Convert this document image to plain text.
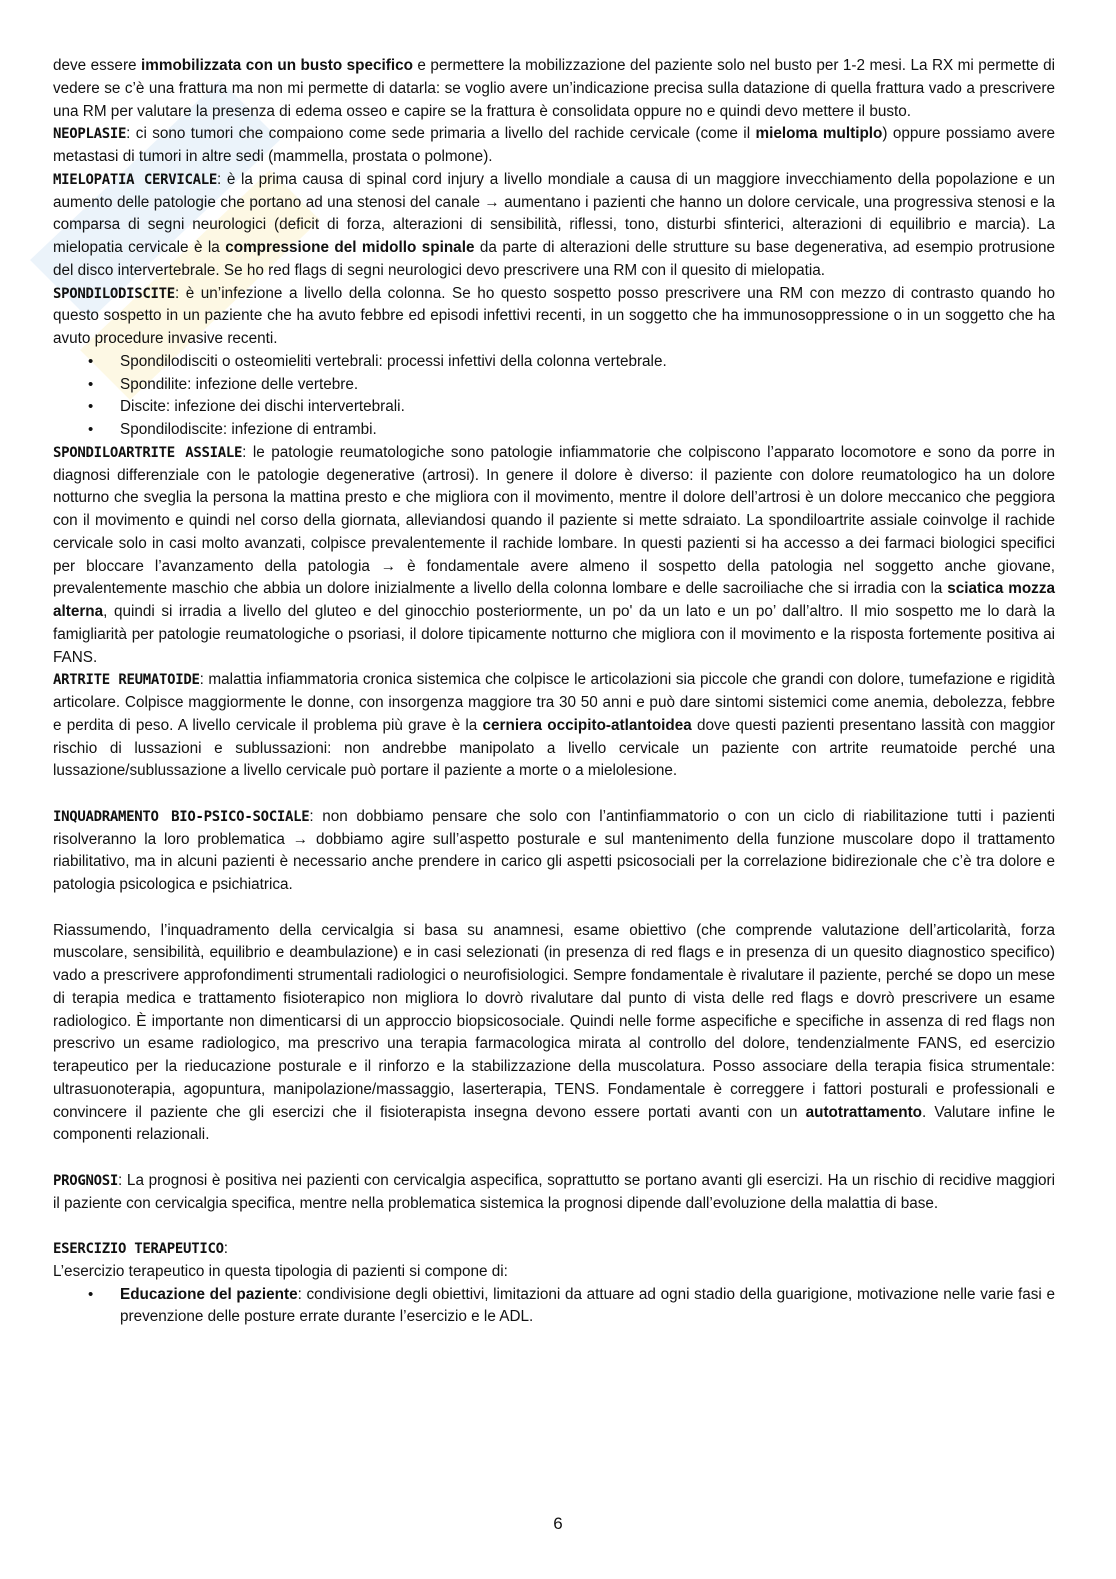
deve essere immobilizzata con un busto specifico e permettere la mobilizzazione del paziente solo nel busto per 1-2 mesi. La RX mi permette di vedere se c’è una frattura ma non mi permette di datarla: se voglio avere un’indicazione precisa sulla datazione di quella frattura vado a prescrivere una RM per valutare la presenza di edema osseo e capire se la frattura è consolidata oppure no e quindi devo mettere il busto.

NEOPLASIE: ci sono tumori che compaiono come sede primaria a livello del rachide cervicale (come il mieloma multiplo) oppure possiamo avere metastasi di tumori in altre sedi (mammella, prostata o polmone).

MIELOPATIA CERVICALE: è la prima causa di spinal cord injury a livello mondiale a causa di un maggiore invecchiamento della popolazione e un aumento delle patologie che portano ad una stenosi del canale → aumentano i pazienti che hanno un dolore cervicale, una progressiva stenosi e la comparsa di segni neurologici (deficit di forza, alterazioni di sensibilità, riflessi, tono, disturbi sfinterici, alterazioni di equilibrio e marcia). La mielopatia cervicale è la compressione del midollo spinale da parte di alterazioni delle strutture su base degenerativa, ad esempio protrusione del disco intervertebrale. Se ho red flags di segni neurologici devo prescrivere una RM con il quesito di mielopatia.

SPONDILODISCITE: è un’infezione a livello della colonna. Se ho questo sospetto posso prescrivere una RM con mezzo di contrasto quando ho questo sospetto in un paziente che ha avuto febbre ed episodi infettivi recenti, in un soggetto che ha immunosoppressione o in un soggetto che ha avuto procedure invasive recenti.

• Spondilodisciti o osteomieliti vertebrali: processi infettivi della colonna vertebrale.
• Spondilite: infezione delle vertebre.
• Discite: infezione dei dischi intervertebrali.
• Spondilodiscite: infezione di entrambi.

SPONDILOARTRITE ASSIALE: le patologie reumatologiche sono patologie infiammatorie che colpiscono l’apparato locomotore e sono da porre in diagnosi differenziale con le patologie degenerative (artrosi). In genere il dolore è diverso: il paziente con dolore reumatologico ha un dolore notturno che sveglia la persona la mattina presto e che migliora con il movimento, mentre il dolore dell’artrosi è un dolore meccanico che peggiora con il movimento e quindi nel corso della giornata, alleviandosi quando il paziente si mette sdraiato. La spondiloartrite assiale coinvolge il rachide cervicale solo in casi molto avanzati, colpisce prevalentemente il rachide lombare. In questi pazienti si ha accesso a dei farmaci biologici specifici per bloccare l’avanzamento della patologia → è fondamentale avere almeno il sospetto della patologia nel soggetto anche giovane, prevalentemente maschio che abbia un dolore inizialmente a livello della colonna lombare e delle sacroiliache che si irradia con la sciatica mozza alterna, quindi si irradia a livello del gluteo e del ginocchio posteriormente, un po' da un lato e un po’ dall’altro. Il mio sospetto me lo darà la famigliarità per patologie reumatologiche o psoriasi, il dolore tipicamente notturno che migliora con il movimento e la risposta fortemente positiva ai FANS.

ARTRITE REUMATOIDE: malattia infiammatoria cronica sistemica che colpisce le articolazioni sia piccole che grandi con dolore, tumefazione e rigidità articolare. Colpisce maggiormente le donne, con insorgenza maggiore tra 30 50 anni e può dare sintomi sistemici come anemia, debolezza, febbre e perdita di peso. A livello cervicale il problema più grave è la cerniera occipito-atlantoidea dove questi pazienti presentano lassità con maggior rischio di lussazioni e sublussazioni: non andrebbe manipolato a livello cervicale un paziente con artrite reumatoide perché una lussazione/sublussazione a livello cervicale può portare il paziente a morte o a mielolesione.

INQUADRAMENTO BIO-PSICO-SOCIALE: non dobbiamo pensare che solo con l’antinfiammatorio o con un ciclo di riabilitazione tutti i pazienti risolveranno la loro problematica → dobbiamo agire sull’aspetto posturale e sul mantenimento della funzione muscolare dopo il trattamento riabilitativo, ma in alcuni pazienti è necessario anche prendere in carico gli aspetti psicosociali per la correlazione bidirezionale che c’è tra dolore e patologia psicologica e psichiatrica.

Riassumendo, l’inquadramento della cervicalgia si basa su anamnesi, esame obiettivo (che comprende valutazione dell’articolarità, forza muscolare, sensibilità, equilibrio e deambulazione) e in casi selezionati (in presenza di red flags e in presenza di un quesito diagnostico specifico) vado a prescrivere approfondimenti strumentali radiologici o neurofisiologici. Sempre fondamentale è rivalutare il paziente, perché se dopo un mese di terapia medica e trattamento fisioterapico non migliora lo dovrò rivalutare dal punto di vista delle red flags e dovrò prescrivere un esame radiologico. È importante non dimenticarsi di un approccio biopsicosociale. Quindi nelle forme aspecifiche e specifiche in assenza di red flags non prescrivo un esame radiologico, ma prescrivo una terapia farmacologica mirata al controllo del dolore, tendenzialmente FANS, ed esercizio terapeutico per la rieducazione posturale e il rinforzo e la stabilizzazione della muscolatura. Posso associare della terapia fisica strumentale: ultrasuonoterapia, agopuntura, manipolazione/massaggio, laserterapia, TENS. Fondamentale è correggere i fattori posturali e professionali e convincere il paziente che gli esercizi che il fisioterapista insegna devono essere portati avanti con un autotrattamento. Valutare infine le componenti relazionali.

PROGNOSI: La prognosi è positiva nei pazienti con cervicalgia aspecifica, soprattutto se portano avanti gli esercizi. Ha un rischio di recidive maggiori il paziente con cervicalgia specifica, mentre nella problematica sistemica la prognosi dipende dall’evoluzione della malattia di base.

ESERCIZIO TERAPEUTICO:

L’esercizio terapeutico in questa tipologia di pazienti si compone di:

• Educazione del paziente: condivisione degli obiettivi, limitazioni da attuare ad ogni stadio della guarigione, motivazione nelle varie fasi e prevenzione delle posture errate durante l’esercizio e le ADL.
6
